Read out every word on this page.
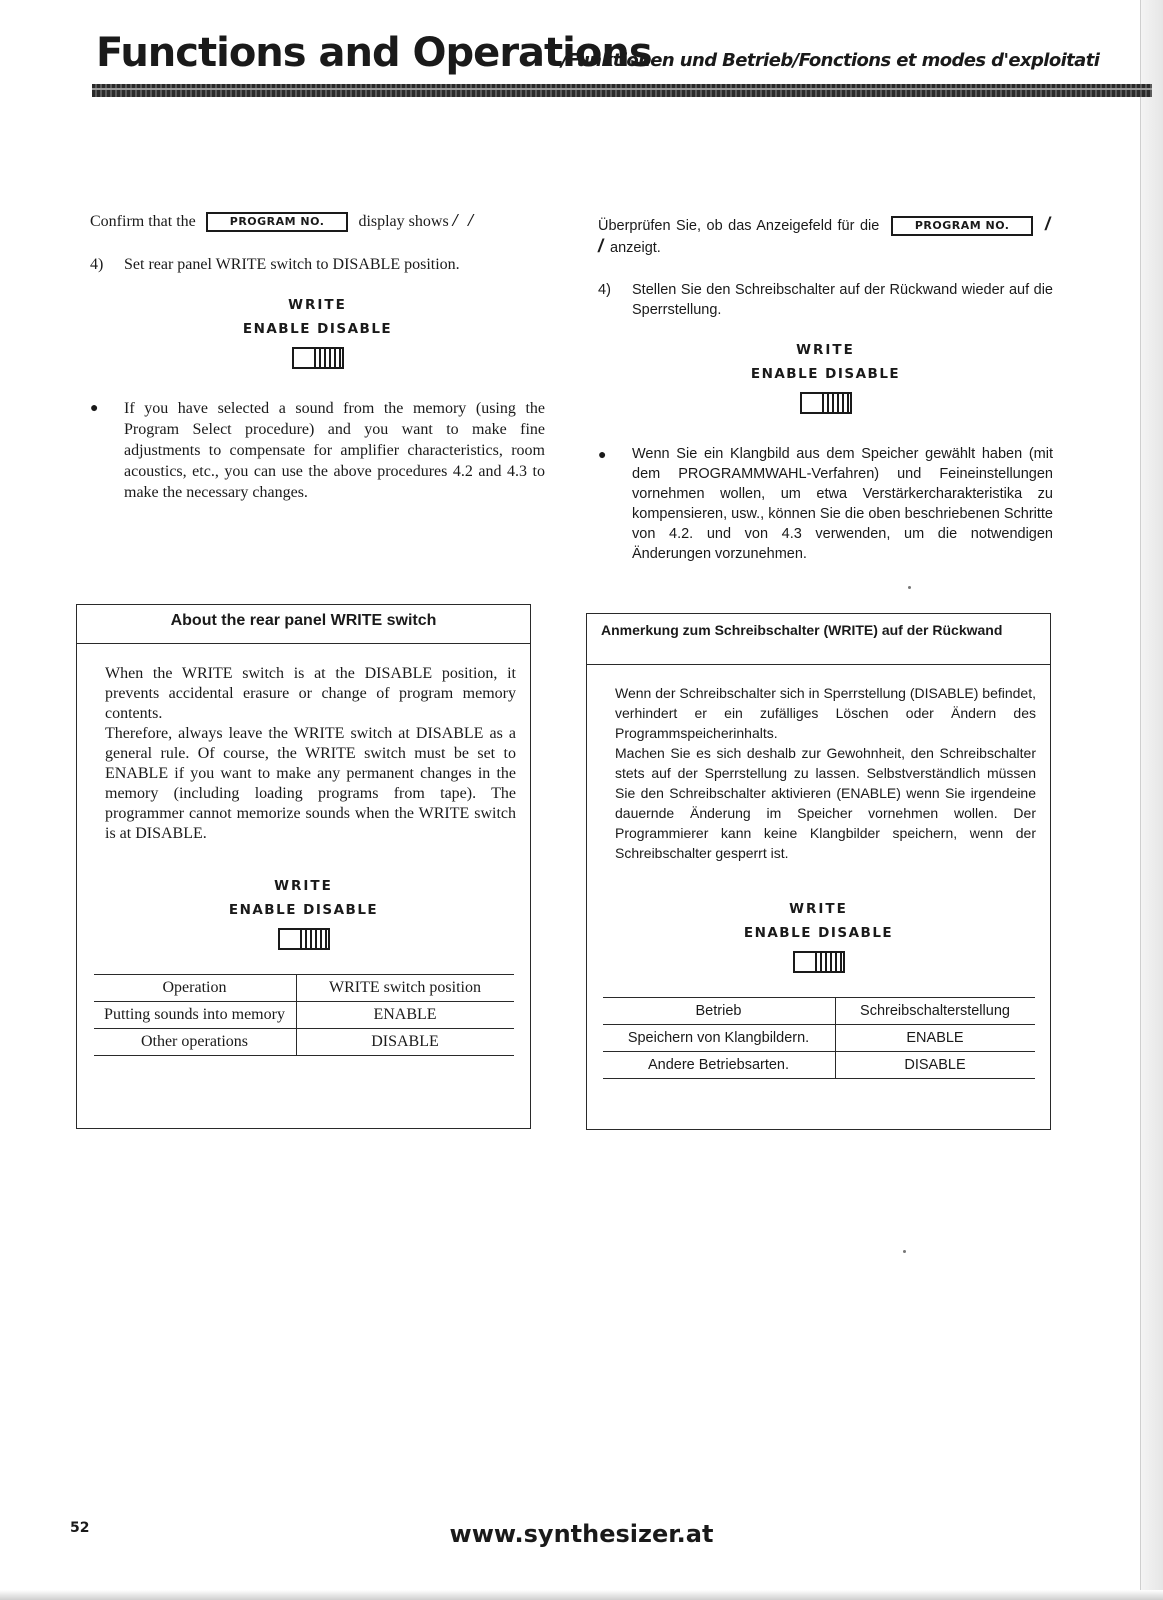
Functions and Operations
/Funktionen und Betrieb/Fonctions et modes d'exploitati

Confirm that the	PROGRAM NO. display shows / /

4)	Set rear panel WRITE switch to DISABLE position.
WRITE
ENABLE DISABLE
●	If you have selected a sound from the memory (using the Program Select procedure) and you want to make fine adjustments to compensate for amplifier characteristics, room acoustics, etc., you can use the above procedures 4.2 and 4.3 to make the necessary changes.
About the rear panel WRITE switch

When the WRITE switch is at the DISABLE position, it prevents accidental erasure or change of program memory contents.

Therefore, always leave the WRITE switch at DISABLE as a general rule. Of course, the WRITE switch must be set to ENABLE if you want to make any permanent changes in the memory (including loading programs from tape). The programmer cannot memorize sounds when the WRITE switch is at DISABLE.

WRITE
ENABLE DISABLE
Operation	WRITE switch position
Putting sounds into memory	ENABLE
Other operations	DISABLE

Überprüfen Sie, ob das Anzeigefeld für die	PROGRAM NO. / / anzeigt.

4)	Stellen Sie den Schreibschalter auf der Rückwand wieder auf die Sperrstellung.
WRITE
ENABLE DISABLE
●	Wenn Sie ein Klangbild aus dem Speicher gewählt haben (mit dem PROGRAMMWAHL-Verfahren) und Feineinstellungen vornehmen wollen, um etwa Verstärkercharakteristika zu kompensieren, usw., können Sie die oben beschriebenen Schritte von 4.2. und von 4.3 verwenden, um die notwendigen Änderungen vorzunehmen.
Anmerkung zum Schreibschalter (WRITE) auf der Rückwand

Wenn der Schreibschalter sich in Sperrstellung (DISABLE) befindet, verhindert er ein zufälliges Löschen oder Ändern des Programmspeicherinhalts.

Machen Sie es sich deshalb zur Gewohnheit, den Schreibschalter stets auf der Sperrstellung zu lassen. Selbstverständlich müssen Sie den Schreibschalter aktivieren (ENABLE) wenn Sie irgendeine dauernde Änderung im Speicher vornehmen wollen. Der Programmierer kann keine Klangbilder speichern, wenn der Schreibschalter gesperrt ist.

WRITE
ENABLE DISABLE
Betrieb	Schreibschalterstellung
Speichern von Klangbildern.	ENABLE
Andere Betriebsarten.	DISABLE
52	www.synthesizer.at
